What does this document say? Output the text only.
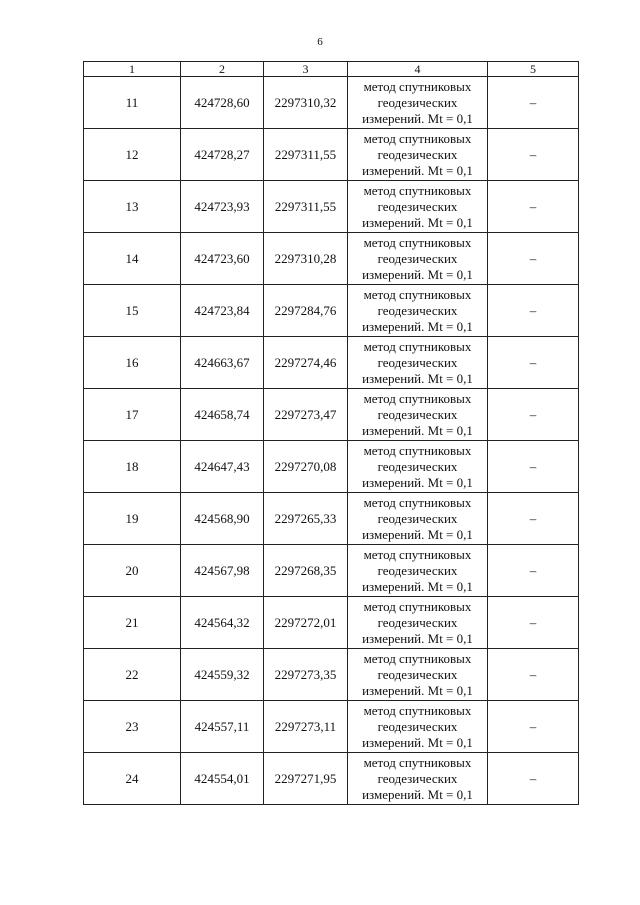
6
1	2	3	4	5
11	424728,60	2297310,32	метод спутниковых
геодезических
измерений. Mt = 0,1	–
12	424728,27	2297311,55	метод спутниковых
геодезических
измерений. Mt = 0,1	–
13	424723,93	2297311,55	метод спутниковых
геодезических
измерений. Mt = 0,1	–
14	424723,60	2297310,28	метод спутниковых
геодезических
измерений. Mt = 0,1	–
15	424723,84	2297284,76	метод спутниковых
геодезических
измерений. Mt = 0,1	–
16	424663,67	2297274,46	метод спутниковых
геодезических
измерений. Mt = 0,1	–
17	424658,74	2297273,47	метод спутниковых
геодезических
измерений. Mt = 0,1	–
18	424647,43	2297270,08	метод спутниковых
геодезических
измерений. Mt = 0,1	–
19	424568,90	2297265,33	метод спутниковых
геодезических
измерений. Mt = 0,1	–
20	424567,98	2297268,35	метод спутниковых
геодезических
измерений. Mt = 0,1	–
21	424564,32	2297272,01	метод спутниковых
геодезических
измерений. Mt = 0,1	–
22	424559,32	2297273,35	метод спутниковых
геодезических
измерений. Mt = 0,1	–
23	424557,11	2297273,11	метод спутниковых
геодезических
измерений. Mt = 0,1	–
24	424554,01	2297271,95	метод спутниковых
геодезических
измерений. Mt = 0,1	–
